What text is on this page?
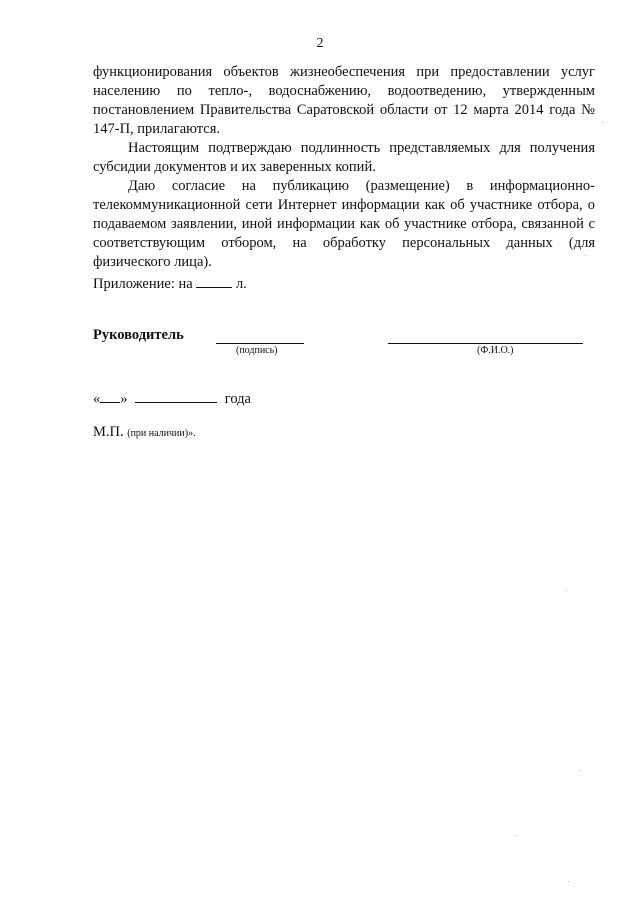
2

функционирования объектов жизнеобеспечения при предоставлении услуг населению по тепло-, водоснабжению, водоотведению, утвержденным постановлением Правительства Саратовской области от 12 марта 2014 года № 147-П, прилагаются.

Настоящим подтверждаю подлинность представляемых для получения субсидии документов и их заверенных копий.

Даю согласие на публикацию (размещение) в информационно-телекоммуникационной сети Интернет информации как об участнике отбора, о подаваемом заявлении, иной информации как об участнике отбора, связанной с соответствующим отбором, на обработку персональных данных (для физического лица).

Приложение: на	л.
Руководитель
(подпись)	(Ф.И.О.)
« »	года
М.П. (при наличии)».
